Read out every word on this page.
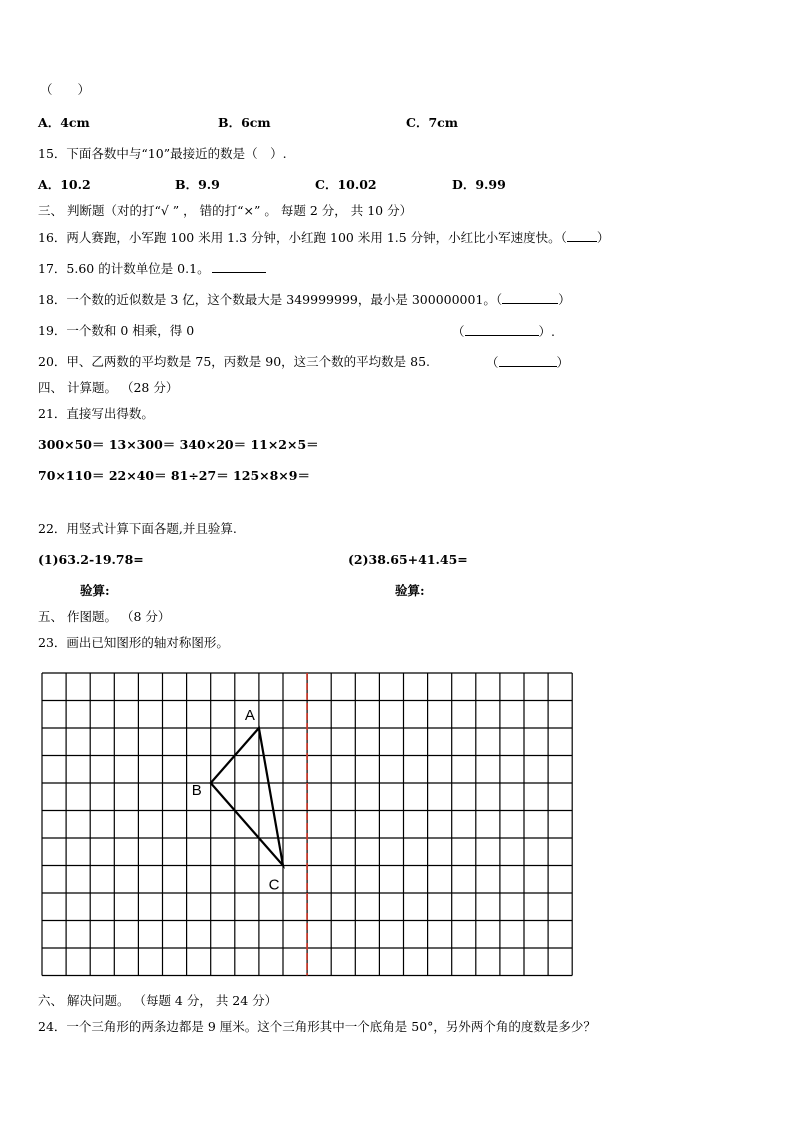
（　　）
A．4cm	B．6cm	C．7cm
15．下面各数中与“10”最接近的数是（　）.
A．10.2	B．9.9	C．10.02	D．9.99
三、 判断题（对的打“√ ” ， 错的打“×” 。 每题 2 分， 共 10 分）
16．两人赛跑，小军跑 100 米用 1.3 分钟，小红跑 100 米用 1.5 分钟，小红比小军速度快。（ ）
17．5.60 的计数单位是 0.1。
18．一个数的近似数是 3 亿，这个数最大是 349999999，最小是 300000001。（	）
19．一个数和 0 相乘，得 0	（	）.
20．甲、乙两数的平均数是 75，丙数是 90，这三个数的平均数是 85.	（	）
四、 计算题。 （28 分）
21．直接写出得数。
300×50＝ 13×300＝ 340×20＝ 11×2×5＝
70×110＝ 22×40＝ 81÷27＝ 125×8×9＝
22．用竖式计算下面各题,并且验算.
(1)63.2-19.78=	(2)38.65+41.45=
验算:	验算:
五、 作图题。 （8 分）
23．画出已知图形的轴对称图形。
A
B
C
六、 解决问题。 （每题 4 分， 共 24 分）
24．一个三角形的两条边都是 9 厘米。这个三角形其中一个底角是 50°，另外两个角的度数是多少？
